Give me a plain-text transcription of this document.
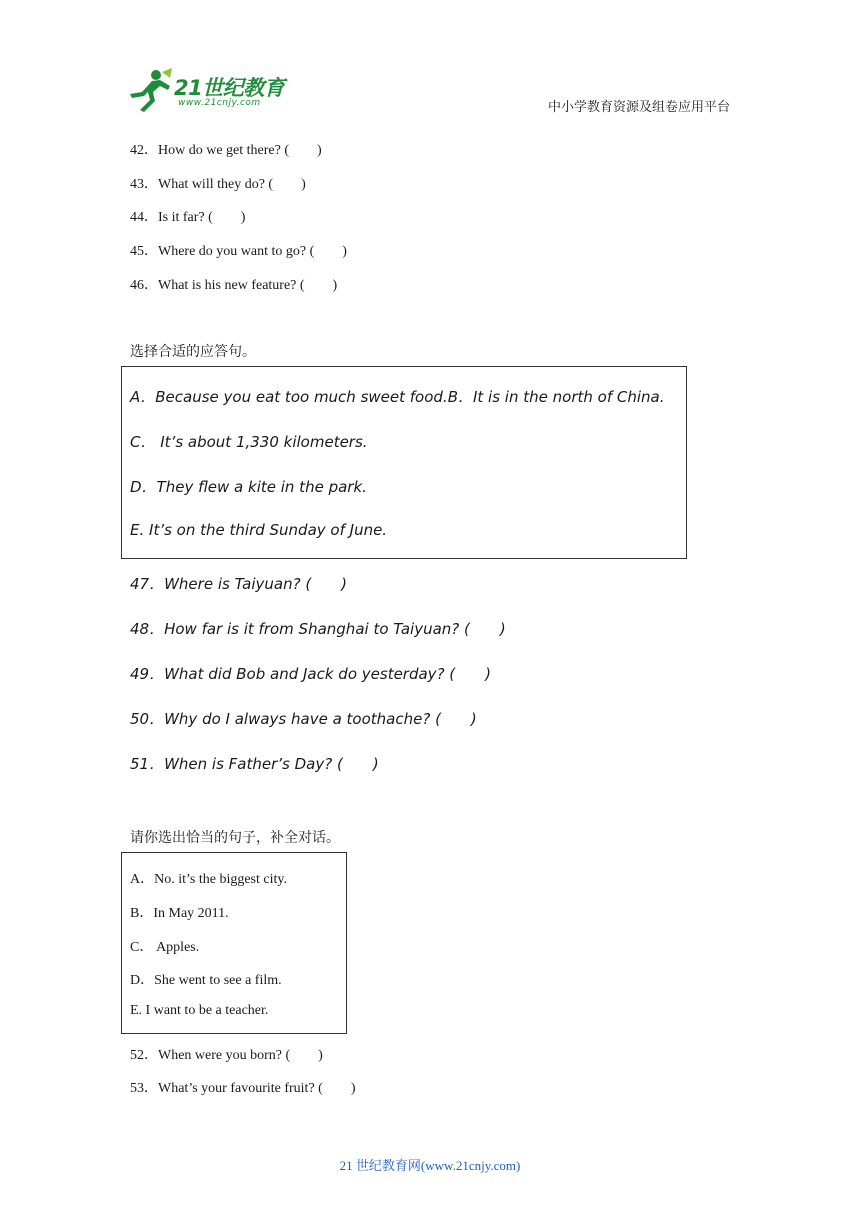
21世纪教育
www.21cnjy.com	中小学教育资源及组卷应用平台
42．How do we get there? (　　)
43．What will they do? (　　)
44．Is it far? (　　)
45．Where do you want to go? (　　)
46．What is his new feature? (　　)
选择合适的应答句。
A．Because you eat too much sweet food.B．It is in the north of China.
C． It’s about 1,330 kilometers.
D．They flew a kite in the park.
E. It’s on the third Sunday of June.
47．Where is Taiyuan? (　　)
48．How far is it from Shanghai to Taiyuan? (　　)
49．What did Bob and Jack do yesterday? (　　)
50．Why do I always have a toothache? (　　)
51．When is Father’s Day? (　　)
请你选出恰当的句子，补全对话。
A．No. it’s the biggest city.
B．In May 2011.
C． Apples.
D．She went to see a film.
E. I want to be a teacher.
52．When were you born? (　　)
53．What’s your favourite fruit? (　　)
21 世纪教育网(www.21cnjy.com)
